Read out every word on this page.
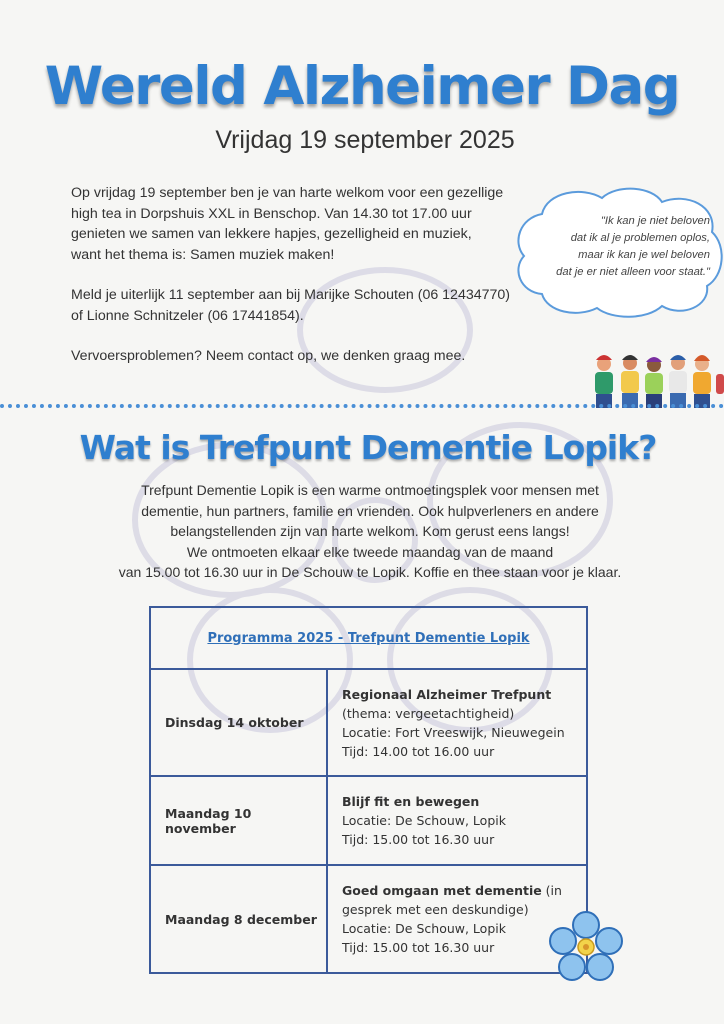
Wereld Alzheimer Dag
Vrijdag 19 september 2025

Op vrijdag 19 september ben je van harte welkom voor een gezellige
high tea in Dorpshuis XXL in Benschop. Van 14.30 tot 17.00 uur
genieten we samen van lekkere hapjes, gezelligheid en muziek,
want het thema is: Samen muziek maken!

Meld je uiterlijk 11 september aan bij Marijke Schouten (06 12434770)
of Lionne Schnitzeler (06 17441854).

Vervoersproblemen? Neem contact op, we denken graag mee.

"Ik kan je niet beloven
dat ik al je problemen oplos,
maar ik kan je wel beloven
dat je er niet alleen voor staat."
Wat is Trefpunt Dementie Lopik?
Trefpunt Dementie Lopik is een warme ontmoetingsplek voor mensen met
dementie, hun partners, familie en vrienden. Ook hulpverleners en andere
belangstellenden zijn van harte welkom. Kom gerust eens langs!
We ontmoeten elkaar elke tweede maandag van de maand
van 15.00 tot 16.30 uur in De Schouw te Lopik. Koffie en thee staan voor je klaar.
Programma 2025 - Trefpunt Dementie Lopik	
Dinsdag 14 oktober	Regionaal Alzheimer Trefpunt
(thema: vergeetachtigheid)
Locatie: Fort Vreeswijk, Nieuwegein
Tijd: 14.00 tot 16.00 uur
Maandag 10 november	Blijf fit en bewegen
Locatie: De Schouw, Lopik
Tijd: 15.00 tot 16.30 uur
Maandag 8 december	Goed omgaan met dementie (in gesprek met een deskundige)
Locatie: De Schouw, Lopik
Tijd: 15.00 tot 16.30 uur
